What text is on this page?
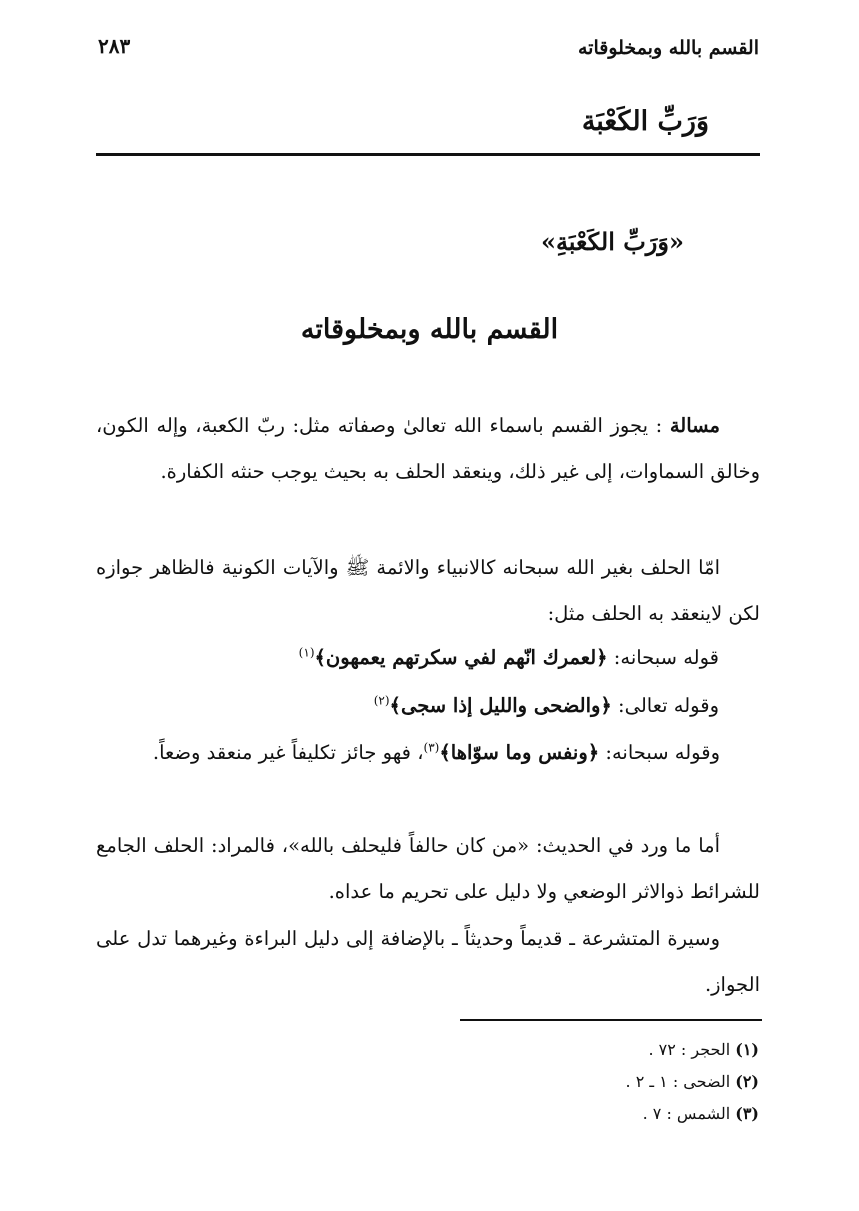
القسم بالله وبمخلوقاته
٢٨٣
وَرَبِّ الكَعْبَة
«وَرَبِّ الكَعْبَةِ»
القسم بالله وبمخلوقاته

مسالة : يجوز القسم باسماء الله تعالىٰ وصفاته مثل: ربّ الكعبة، وإله الكون، وخالق السماوات، إلى غير ذلك، وينعقد الحلف به بحيث يوجب حنثه الكفارة.

امّا الحلف بغير الله سبحانه كالانبياء والائمة ﷺ والآيات الكونية فالظاهر جوازه لكن لاينعقد به الحلف مثل:

قوله سبحانه: ﴿لعمرك انّهم لفي سكرتهم يعمهون﴾$^{(١)}$
وقوله تعالى: ﴿والضحى والليل إذا سجى﴾$^{(٢)}$

وقوله سبحانه: ﴿ونفس وما سوّاها﴾$^{(٣)}$، فهو جائز تكليفاً غير منعقد وضعاً.

أما ما ورد في الحديث: «من كان حالفاً فليحلف بالله»، فالمراد: الحلف الجامع للشرائط ذوالاثر الوضعي ولا دليل على تحريم ما عداه.

وسيرة المتشرعة ـ قديماً وحديثاً ـ بالإضافة إلى دليل البراءة وغيرهما تدل على الجواز.

(١) الحجر : ٧٢ .
(٢) الضحى : ١ ـ ٢ .
(٣) الشمس : ٧ .
